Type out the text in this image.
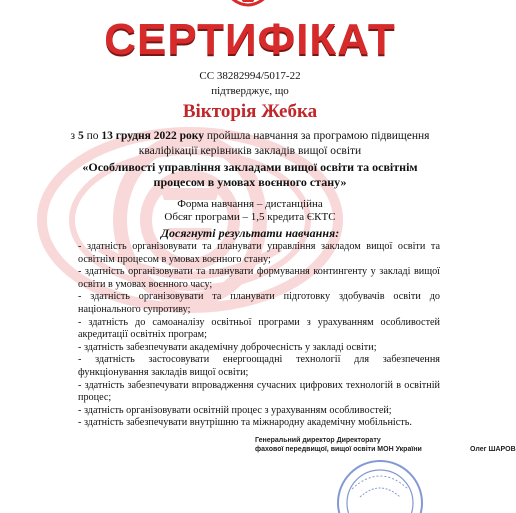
СЕРТИФІКАТ
СС 38282994/5017-22
підтверджує, що
Вікторія Жебка
з 5 по 13 грудня 2022 року пройшла навчання за програмою підвищення кваліфікації керівників закладів вищої освіти
«Особливості управління закладами вищої освіти та освітнім процесом в умовах воєнного стану»
Форма навчання – дистанційна
Обсяг програми – 1,5 кредита ЄКТС
Досягнуті результати навчання:
- здатність організовувати та планувати управління закладом вищої освіти та освітнім процесом в умовах воєнного стану;
- здатність організовувати та планувати формування контингенту у закладі вищої освіти в умовах воєнного часу;
- здатність організовувати та планувати підготовку здобувачів освіти до національного супротиву;
- здатність до самоаналізу освітньої програми з урахуванням особливостей акредитації освітніх програм;
- здатність забезпечувати академічну доброчесність у закладі освіти;
- здатність застосовувати енергоощадні технології для забезпечення функціонування закладів вищої освіти;
- здатність забезпечувати впровадження сучасних цифрових технологій в освітній процес;
- здатність організовувати освітній процес з урахуванням особливостей;
- здатність забезпечувати внутрішню та міжнародну академічну мобільність.
Генеральний директор Директорату
фахової передвищої, вищої освіти МОН України	Олег ШАРОВ
